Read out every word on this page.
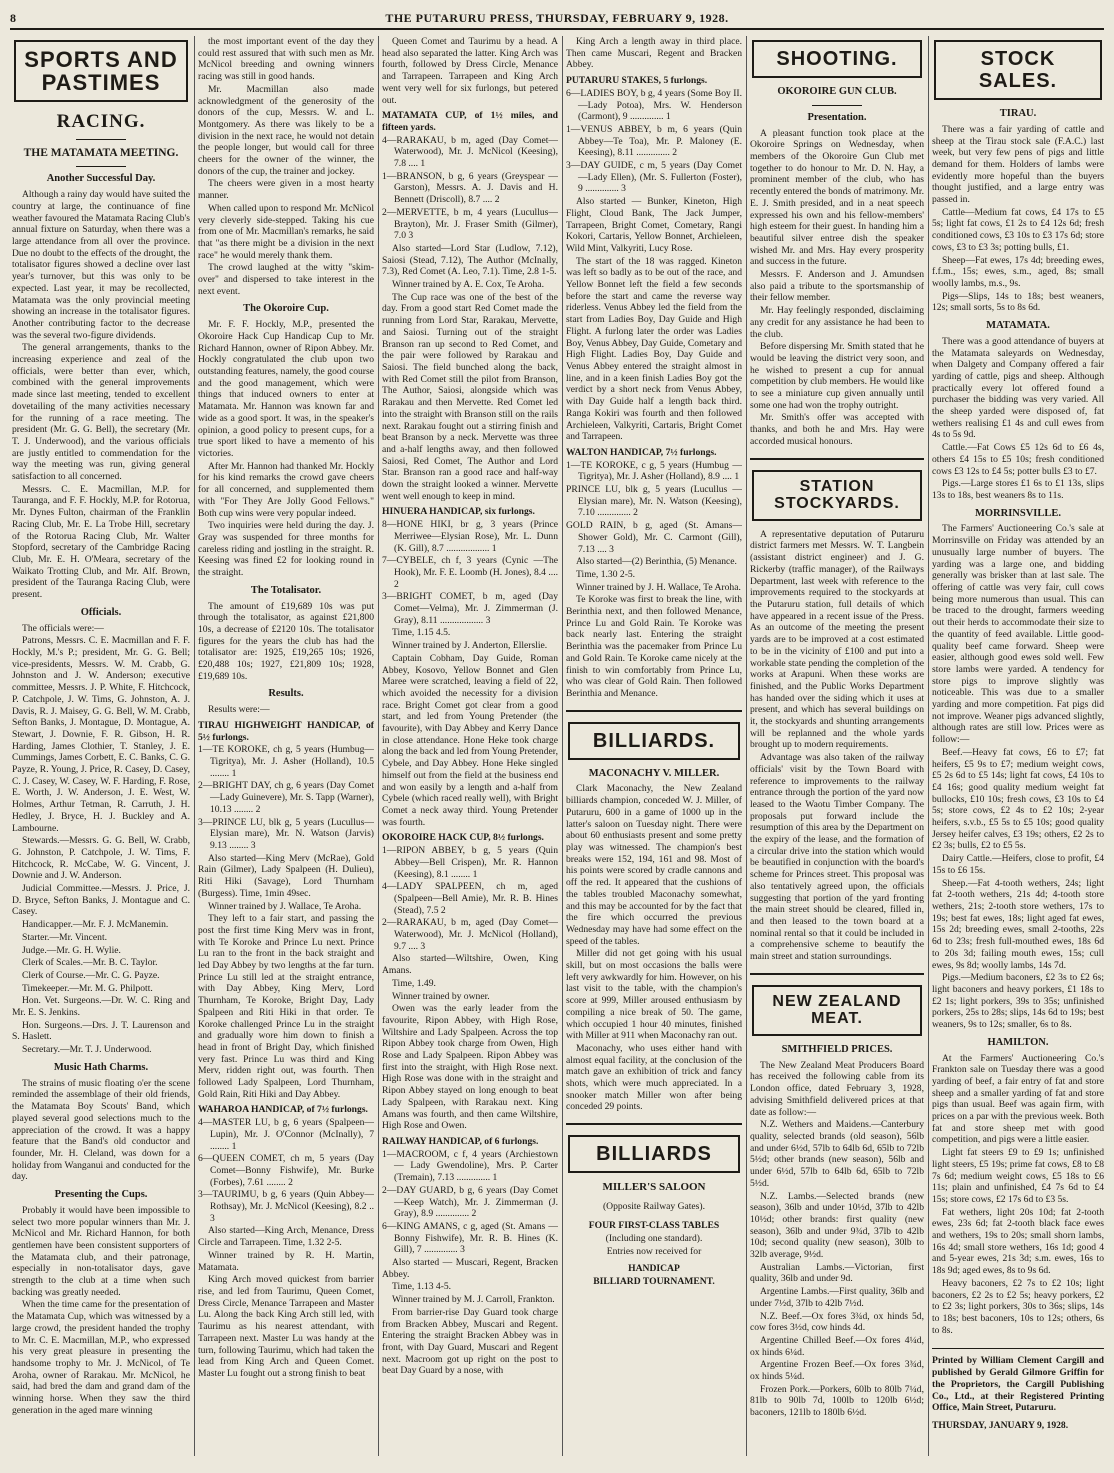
8	THE PUTARURU PRESS, THURSDAY, FEBRUARY 9, 1928.
SPORTS AND PASTIMES
RACING.
THE MATAMATA MEETING.
Another Successful Day.

Although a rainy day would have suited the country at large, the continuance of fine weather favoured the Matamata Racing Club's annual fixture on Saturday, when there was a large attendance from all over the province. Due no doubt to the effects of the drought, the totalisator figures showed a decline over last year's turnover, but this was only to be expected. Last year, it may be recollected, Matamata was the only provincial meeting showing an increase in the totalisator figures. Another contributing factor to the decrease was the several two-figure dividends.

The general arrangements, thanks to the increasing experience and zeal of the officials, were better than ever, which, combined with the general improvements made since last meeting, tended to excellent dovetailing of the many activities necessary for the running of a race meeting. The president (Mr. G. G. Bell), the secretary (Mr. T. J. Underwood), and the various officials are justly entitled to commendation for the way the meeting was run, giving general satisfaction to all concerned.

Messrs. C. E. Macmillan, M.P. for Tauranga, and F. F. Hockly, M.P. for Rotorua, Mr. Dynes Fulton, chairman of the Franklin Racing Club, Mr. E. La Trobe Hill, secretary of the Rotorua Racing Club, Mr. Walter Stopford, secretary of the Cambridge Racing Club, Mr. E. H. O'Meara, secretary of the Waikato Trotting Club, and Mr. Alf. Brown, president of the Tauranga Racing Club, were present.

Officials.

The officials were:—

Patrons, Messrs. C. E. Macmillan and F. F. Hockly, M.'s P.; president, Mr. G. G. Bell; vice-presidents, Messrs. W. M. Crabb, G. Johnston and J. W. Anderson; executive committee, Messrs. J. P. White, F. Hitchcock, P. Catchpole, J. W. Tims, G. Johnston, A. J. Davis, R. J. Maisey, G. G. Bell, W. M. Crabb, Sefton Banks, J. Montague, D. Montague, A. Stewart, J. Downie, F. R. Gibson, H. R. Harding, James Clothier, T. Stanley, J. E. Cummings, James Corbett, E. C. Banks, C. G. Payze, R. Young, J. Price, R. Casey, D. Casey, C. J. Casey, W. Casey, W. F. Harding, F. Rose, E. Worth, J. W. Anderson, J. E. West, W. Holmes, Arthur Tetman, R. Carruth, J. H. Hedley, J. Bryce, H. J. Buckley and A. Lambourne.

Stewards.—Messrs. G. G. Bell, W. Crabb, G. Johnston, P. Catchpole, J. W. Tims, F. Hitchcock, R. McCabe, W. G. Vincent, J. Downie and J. W. Anderson.

Judicial Committee.—Messrs. J. Price, J. D. Bryce, Sefton Banks, J. Montague and C. Casey.

Handicapper.—Mr. F. J. McManemin.

Starter.—Mr. Vincent.

Judge.—Mr. G. H. Wylie.

Clerk of Scales.—Mr. B. C. Taylor.

Clerk of Course.—Mr. C. G. Payze.

Timekeeper.—Mr. M. G. Philpott.

Hon. Vet. Surgeons.—Dr. W. C. Ring and Mr. E. S. Jenkins.

Hon. Surgeons.—Drs. J. T. Laurenson and S. Haslett.

Secretary.—Mr. T. J. Underwood.

Music Hath Charms.

The strains of music floating o'er the scene reminded the assemblage of their old friends, the Matamata Boy Scouts' Band, which played several good selections much to the appreciation of the crowd. It was a happy feature that the Band's old conductor and founder, Mr. H. Cleland, was down for a holiday from Wanganui and conducted for the day.

Presenting the Cups.

Probably it would have been impossible to select two more popular winners than Mr. J. McNicol and Mr. Richard Hannon, for both gentlemen have been consistent supporters of the Matamata club, and their patronage, especially in non-totalisator days, gave strength to the club at a time when such backing was greatly needed.

When the time came for the presentation of the Matamata Cup, which was witnessed by a large crowd, the president handed the trophy to Mr. C. E. Macmillan, M.P., who expressed his very great pleasure in presenting the handsome trophy to Mr. J. McNicol, of Te Aroha, owner of Rarakau. Mr. McNicol, he said, had bred the dam and grand dam of the winning horse. When they saw the third generation in the aged mare winning

the most important event of the day they could rest assured that with such men as Mr. McNicol breeding and owning winners racing was still in good hands.

Mr. Macmillan also made acknowledgment of the generosity of the donors of the cup, Messrs. W. and L. Montgomery. As there was likely to be a division in the next race, he would not detain the people longer, but would call for three cheers for the owner of the winner, the donors of the cup, the trainer and jockey.

The cheers were given in a most hearty manner.

When called upon to respond Mr. McNicol very cleverly side-stepped. Taking his cue from one of Mr. Macmillan's remarks, he said that "as there might be a division in the next race" he would merely thank them.

The crowd laughed at the witty "skim-over" and dispersed to take interest in the next event.

The Okoroire Cup.

Mr. F. F. Hockly, M.P., presented the Okoroire Hack Cup Handicap Cup to Mr. Richard Hannon, owner of Ripon Abbey. Mr. Hockly congratulated the club upon two outstanding features, namely, the good course and the good management, which were things that induced owners to enter at Matamata. Mr. Hannon was known far and wide as a good sport. It was, in the speaker's opinion, a good policy to present cups, for a true sport liked to have a memento of his victories.

After Mr. Hannon had thanked Mr. Hockly for his kind remarks the crowd gave cheers for all concerned, and supplemented them with "For They Are Jolly Good Fellows." Both cup wins were very popular indeed.

Two inquiries were held during the day. J. Gray was suspended for three months for careless riding and jostling in the straight. R. Keesing was fined £2 for looking round in the straight.

The Totalisator.

The amount of £19,689 10s was put through the totalisator, as against £21,800 10s, a decrease of £2120 10s. The totalisator figures for the years the club has had the totalisator are: 1925, £19,265 10s; 1926, £20,488 10s; 1927, £21,809 10s; 1928, £19,689 10s.

Results.

Results were:—

TIRAU HIGHWEIGHT HANDICAP, of 5½ furlongs.

1—TE KOROKE, ch g, 5 years (Humbug—Tigritya), Mr. J. Asher (Holland), 10.5 ........ 1

2—BRIGHT DAY, ch g, 6 years (Day Comet—Lady Guinevere), Mr. S. Tapp (Warner), 10.13 ........ 2

3—PRINCE LU, blk g, 5 years (Lucullus—Elysian mare), Mr. N. Watson (Jarvis) 9.13 ........ 3

Also started—King Merv (McRae), Gold Rain (Gilmer), Lady Spalpeen (H. Dulieu), Riti Hiki (Savage), Lord Thurnham (Burgess). Time, 1min 49sec.

Winner trained by J. Wallace, Te Aroha.

They left to a fair start, and passing the post the first time King Merv was in front, with Te Koroke and Prince Lu next. Prince Lu ran to the front in the back straight and led Day Abbey by two lengths at the far turn. Prince Lu still led at the straight entrance, with Day Abbey, King Merv, Lord Thurnham, Te Koroke, Bright Day, Lady Spalpeen and Riti Hiki in that order. Te Koroke challenged Prince Lu in the straight and gradually wore him down to finish a head in front of Bright Day, which finished very fast. Prince Lu was third and King Merv, ridden right out, was fourth. Then followed Lady Spalpeen, Lord Thurnham, Gold Rain, Riti Hiki and Day Abbey.

WAHAROA HANDICAP, of 7½ furlongs.

4—MASTER LU, b g, 6 years (Spalpeen—Lupin), Mr. J. O'Connor (McInally), 7 ........ 1

6—QUEEN COMET, ch m, 5 years (Day Comet—Bonny Fishwife), Mr. Burke (Forbes), 7.61 ........ 2

3—TAURIMU, b g, 6 years (Quin Abbey—Rothsay), Mr. J. McNicol (Keesing), 8.2 .. 3

Also started—King Arch, Menance, Dress Circle and Tarrapeen. Time, 1.32 2-5.

Winner trained by R. H. Martin, Matamata.

King Arch moved quickest from barrier rise, and led from Taurimu, Queen Comet, Dress Circle, Menance Tarrapeen and Master Lu. Along the back King Arch still led, with Taurimu as his nearest attendant, with Tarrapeen next. Master Lu was handy at the turn, following Taurimu, which had taken the lead from King Arch and Queen Comet. Master Lu fought out a strong finish to beat

Queen Comet and Taurimu by a head. A head also separated the latter. King Arch was fourth, followed by Dress Circle, Menance and Tarrapeen. Tarrapeen and King Arch went very well for six furlongs, but petered out.

MATAMATA CUP, of 1½ miles, and fifteen yards.

4—RARAKAU, b m, aged (Day Comet—Waterwood), Mr. J. McNicol (Keesing), 7.8 .... 1

1—BRANSON, b g, 6 years (Greyspear — Garston), Messrs. A. J. Davis and H. Bennett (Driscoll), 8.7 .... 2

2—MERVETTE, b m, 4 years (Lucullus—Brayton), Mr. J. Fraser Smith (Gilmer), 7.0 3

Also started—Lord Star (Ludlow, 7.12), Saiosi (Stead, 7.12), The Author (McInally, 7.3), Red Comet (A. Leo, 7.1). Time, 2.8 1-5.

Winner trained by A. E. Cox, Te Aroha.

The Cup race was one of the best of the day. From a good start Red Comet made the running from Lord Star, Rarakau, Mervette, and Saiosi. Turning out of the straight Branson ran up second to Red Comet, and the pair were followed by Rarakau and Saiosi. The field bunched along the back, with Red Comet still the pilot from Branson, The Author, Saiosi, alongside which was Rarakau and then Mervette. Red Comet led into the straight with Branson still on the rails next. Rarakau fought out a stirring finish and beat Branson by a neck. Mervette was three and a-half lengths away, and then followed Saiosi, Red Comet, The Author and Lord Star. Branson ran a good race and half-way down the straight looked a winner. Mervette went well enough to keep in mind.

HINUERA HANDICAP, six furlongs.

8—HONE HIKI, br g, 3 years (Prince Merriwee—Elysian Rose), Mr. L. Dunn (K. Gill), 8.7 .................. 1

7—CYBELE, ch f, 3 years (Cynic —The Hook), Mr. F. E. Loomb (H. Jones), 8.4 .... 2

3—BRIGHT COMET, b m, aged (Day Comet—Velma), Mr. J. Zimmerman (J. Gray), 8.11 .................. 3

Time, 1.15 4.5.

Winner trained by J. Anderton, Ellerslie.

Captain Cobham, Day Guide, Roman Abbey, Kosovo, Yellow Bonnet and Glen Maree were scratched, leaving a field of 22, which avoided the necessity for a division race. Bright Comet got clear from a good start, and led from Young Pretender (the favourite), with Day Abbey and Kerry Dance in close attendance. Hone Heke took charge along the back and led from Young Pretender, Cybele, and Day Abbey. Hone Heke singled himself out from the field at the business end and won easily by a length and a-half from Cybele (which raced really well), with Bright Comet a neck away third. Young Pretender was fourth.

OKOROIRE HACK CUP, 8½ furlongs.

1—RIPON ABBEY, b g, 5 years (Quin Abbey—Bell Crispen), Mr. R. Hannon (Keesing), 8.1 ........ 1

4—LADY SPALPEEN, ch m, aged (Spalpeen—Bell Amie), Mr. R. B. Hines (Stead), 7.5 2

2—RARAKAU, b m, aged (Day Comet—Waterwood), Mr. J. McNicol (Holland), 9.7 .... 3

Also started—Wiltshire, Owen, King Amans.

Time, 1.49.

Winner trained by owner.

Owen was the early leader from the favourite, Ripon Abbey, with High Rose, Wiltshire and Lady Spalpeen. Across the top Ripon Abbey took charge from Owen, High Rose and Lady Spalpeen. Ripon Abbey was first into the straight, with High Rose next. High Rose was done with in the straight and Ripon Abbey stayed on long enough to beat Lady Spalpeen, with Rarakau next. King Amans was fourth, and then came Wiltshire, High Rose and Owen.

RAILWAY HANDICAP, of 6 furlongs.

1—MACROOM, c f, 4 years (Archiestown — Lady Gwendoline), Mrs. P. Carter (Tremain), 7.13 .............. 1

2—DAY GUARD, b g, 6 years (Day Comet—Keep Watch), Mr. J. Zimmerman (J. Gray), 8.9 .............. 2

6—KING AMANS, c g, aged (St. Amans — Bonny Fishwife), Mr. R. B. Hines (K. Gill), 7 .............. 3

Also started — Muscari, Regent, Bracken Abbey.

Time, 1.13 4-5.

Winner trained by M. J. Carroll, Frankton.

From barrier-rise Day Guard took charge from Bracken Abbey, Muscari and Regent. Entering the straight Bracken Abbey was in front, with Day Guard, Muscari and Regent next. Macroom got up right on the post to beat Day Guard by a nose, with

King Arch a length away in third place. Then came Muscari, Regent and Bracken Abbey.

PUTARURU STAKES, 5 furlongs.

6—LADIES BOY, b g, 4 years (Some Boy II.—Lady Potoa), Mrs. W. Henderson (Carmont), 9 .............. 1

1—VENUS ABBEY, b m, 6 years (Quin Abbey—Te Toa), Mr. P. Maloney (E. Keesing), 8.11 .............. 2

3—DAY GUIDE, c m, 5 years (Day Comet—Lady Ellen), (Mr. S. Fullerton (Foster), 9 .............. 3

Also started — Bunker, Kineton, High Flight, Cloud Bank, The Jack Jumper, Tarrapeen, Bright Comet, Cometary, Rangi Kokori, Cartaris, Yellow Bonnet, Archieleen, Wild Mint, Valkyriti, Lucy Rose.

The start of the 18 was ragged. Kineton was left so badly as to be out of the race, and Yellow Bonnet left the field a few seconds before the start and came the reverse way riderless. Venus Abbey led the field from the start from Ladies Boy, Day Guide and High Flight. A furlong later the order was Ladies Boy, Venus Abbey, Day Guide, Cometary and High Flight. Ladies Boy, Day Guide and Venus Abbey entered the straight almost in line, and in a keen finish Ladies Boy got the verdict by a short neck from Venus Abbey, with Day Guide half a length back third. Ranga Kokiri was fourth and then followed Archieleen, Valkyriti, Cartaris, Bright Comet and Tarrapeen.

WALTON HANDICAP, 7½ furlongs.

1—TE KOROKE, c g, 5 years (Humbug — Tigrityа), Mr. J. Asher (Holland), 8.9 .... 1

PRINCE LU, blk g, 5 years (Lucullus — Elysian mare), Mr. N. Watson (Keesing), 7.10 .............. 2

GOLD RAIN, b g, aged (St. Amans—Shower Gold), Mr. C. Carmont (Gill), 7.13 .... 3

Also started—(2) Berinthia, (5) Menance.

Time, 1.30 2-5.

Winner trained by J. H. Wallace, Te Aroha.

Te Koroke was first to break the line, with Berinthia next, and then followed Menance, Prince Lu and Gold Rain. Te Koroke was back nearly last. Entering the straight Berinthia was the pacemaker from Prince Lu and Gold Rain. Te Koroke came nicely at the finish to win comfortably from Prince Lu, who was clear of Gold Rain. Then followed Berinthia and Menance.

BILLIARDS.
MACONACHY V. MILLER.

Clark Maconachy, the New Zealand billiards champion, conceded W. J. Miller, of Putaruru, 600 in a game of 1000 up in the latter's saloon on Tuesday night. There were about 60 enthusiasts present and some pretty play was witnessed. The champion's best breaks were 152, 194, 161 and 98. Most of his points were scored by cradle cannons and off the red. It appeared that the cushions of the tables troubled Maconachy somewhat, and this may be accounted for by the fact that the fire which occurred the previous Wednesday may have had some effect on the speed of the tables.

Miller did not get going with his usual skill, but on most occasions the balls were left very awkwardly for him. However, on his last visit to the table, with the champion's score at 999, Miller aroused enthusiasm by compiling a nice break of 50. The game, which occupied 1 hour 40 minutes, finished with Miller at 911 when Maconachy ran out.

Maconachy, who uses either hand with almost equal facility, at the conclusion of the match gave an exhibition of trick and fancy shots, which were much appreciated. In a snooker match Miller won after being conceded 29 points.

BILLIARDS
MILLER'S SALOON

(Opposite Railway Gates).

FOUR FIRST-CLASS TABLES

(Including one standard).

Entries now received for

HANDICAP

BILLIARD TOURNAMENT.

SHOOTING.
OKOROIRE GUN CLUB.
Presentation.

A pleasant function took place at the Okoroire Springs on Wednesday, when members of the Okoroire Gun Club met together to do honour to Mr. D. N. Hay, a prominent member of the club, who has recently entered the bonds of matrimony. Mr. E. J. Smith presided, and in a neat speech expressed his own and his fellow-members' high esteem for their guest. In handing him a beautiful silver entree dish the speaker wished Mr. and Mrs. Hay every prosperity and success in the future.

Messrs. F. Anderson and J. Amundsen also paid a tribute to the sportsmanship of their fellow member.

Mr. Hay feelingly responded, disclaiming any credit for any assistance he had been to the club.

Before dispersing Mr. Smith stated that he would be leaving the district very soon, and he wished to present a cup for annual competition by club members. He would like to see a miniature cup given annually until some one had won the trophy outright.

Mr. Smith's offer was accepted with thanks, and both he and Mrs. Hay were accorded musical honours.

STATION STOCKYARDS.

A representative deputation of Putaruru district farmers met Messrs. W. T. Langbein (assistant district engineer) and J. G. Rickerby (traffic manager), of the Railways Department, last week with reference to the improvements required to the stockyards at the Putaruru station, full details of which have appeared in a recent issue of the Press. As an outcome of the meeting the present yards are to be improved at a cost estimated to be in the vicinity of £100 and put into a workable state pending the completion of the works at Arapuni. When these works are finished, and the Public Works Department has handed over the siding which it uses at present, and which has several buildings on it, the stockyards and shunting arrangements will be replanned and the whole yards brought up to modern requirements.

Advantage was also taken of the railway officials' visit by the Town Board with reference to improvements to the railway entrance through the portion of the yard now leased to the Waotu Timber Company. The proposals put forward include the resumption of this area by the Department on the expiry of the lease, and the formation of a circular drive into the station which would be beautified in conjunction with the board's scheme for Princes street. This proposal was also tentatively agreed upon, the officials suggesting that portion of the yard fronting the main street should be cleared, filled in, and then leased to the town board at a nominal rental so that it could be included in a comprehensive scheme to beautify the main street and station surroundings.

NEW ZEALAND MEAT.
SMITHFIELD PRICES.

The New Zealand Meat Producers Board has received the following cable from its London office, dated February 3, 1928, advising Smithfield delivered prices at that date as follow:—

N.Z. Wethers and Maidens.—Canterbury quality, selected brands (old season), 56lb and under 6½d, 57lb to 64lb 6d, 65lb to 72lb 5½d; other brands (new season), 56lb and under 6½d, 57lb to 64lb 6d, 65lb to 72lb 5½d.

N.Z. Lambs.—Selected brands (new season), 36lb and under 10½d, 37lb to 42lb 10½d; other brands: first quality (new season), 36lb and under 9¾d, 37lb to 42lb 10d; second quality (new season), 30lb to 32lb average, 9½d.

Australian Lambs.—Victorian, first quality, 36lb and under 9d.

Argentine Lambs.—First quality, 36lb and under 7½d, 37lb to 42lb 7½d.

N.Z. Beef.—Ox fores 3¾d, ox hinds 5d, cow fores 3½d, cow hinds 4d.

Argentine Chilled Beef.—Ox fores 4¼d, ox hinds 6¼d.

Argentine Frozen Beef.—Ox fores 3¾d, ox hinds 5¼d.

Frozen Pork.—Porkers, 60lb to 80lb 7¼d, 81lb to 90lb 7d, 100lb to 120lb 6½d; baconers, 121lb to 180lb 6½d.

STOCK SALES.
TIRAU.

There was a fair yarding of cattle and sheep at the Tirau stock sale (F.A.C.) last week, but very few pens of pigs and little demand for them. Holders of lambs were evidently more hopeful than the buyers thought justified, and a large entry was passed in.

Cattle—Medium fat cows, £4 17s to £5 5s; light fat cows, £1 2s to £4 12s 6d; fresh conditioned cows, £3 10s to £3 17s 6d; store cows, £3 to £3 3s; potting bulls, £1.

Sheep—Fat ewes, 17s 4d; breeding ewes, f.f.m., 15s; ewes, s.m., aged, 8s; small woolly lambs, m.s., 9s.

Pigs—Slips, 14s to 18s; best weaners, 12s; small sorts, 5s to 8s 6d.

MATAMATA.

There was a good attendance of buyers at the Matamata saleyards on Wednesday, when Dalgety and Company offered a fair yarding of cattle, pigs and sheep. Although practically every lot offered found a purchaser the bidding was very varied. All the sheep yarded were disposed of, fat wethers realising £1 4s and cull ewes from 4s to 5s 9d.

Cattle.—Fat Cows £5 12s 6d to £6 4s, others £4 15s to £5 10s; fresh conditioned cows £3 12s to £4 5s; potter bulls £3 to £7.

Pigs.—Large stores £1 6s to £1 13s, slips 13s to 18s, best weaners 8s to 11s.

MORRINSVILLE.

The Farmers' Auctioneering Co.'s sale at Morrinsville on Friday was attended by an unusually large number of buyers. The yarding was a large one, and bidding generally was brisker than at last sale. The offering of cattle was very fair, cull cows being more numerous than usual. This can be traced to the drought, farmers weeding out their herds to accommodate their size to the quantity of feed available. Little good-quality beef came forward. Sheep were easier, although good ewes sold well. Few store lambs were yarded. A tendency for store pigs to improve slightly was noticeable. This was due to a smaller yarding and more competition. Fat pigs did not improve. Weaner pigs advanced slightly, although rates are still low. Prices were as follow:—

Beef.—Heavy fat cows, £6 to £7; fat heifers, £5 9s to £7; medium weight cows, £5 2s 6d to £5 14s; light fat cows, £4 10s to £4 16s; good quality medium weight fat bullocks, £10 10s; fresh cows, £3 10s to £4 5s; store cows, £2 4s to £2 10s; 2-year heifers, s.v.b., £5 5s to £5 10s; good quality Jersey heifer calves, £3 19s; others, £2 2s to £2 3s; bulls, £2 to £5 5s.

Dairy Cattle.—Heifers, close to profit, £4 15s to £6 15s.

Sheep.—Fat 4-tooth wethers, 24s; light fat 2-tooth wethers, 21s 4d; 4-tooth store wethers, 21s; 2-tooth store wethers, 17s to 19s; best fat ewes, 18s; light aged fat ewes, 15s 2d; breeding ewes, small 2-tooths, 22s 6d to 23s; fresh full-mouthed ewes, 18s 6d to 20s 3d; failing mouth ewes, 15s; cull ewes, 9s 8d; woolly lambs, 14s 7d.

Pigs.—Medium baconers, £2 3s to £2 6s; light baconers and heavy porkers, £1 18s to £2 1s; light porkers, 39s to 35s; unfinished porkers, 25s to 28s; slips, 14s 6d to 19s; best weaners, 9s to 12s; smaller, 6s to 8s.

HAMILTON.

At the Farmers' Auctioneering Co.'s Frankton sale on Tuesday there was a good yarding of beef, a fair entry of fat and store sheep and a smaller yarding of fat and store pigs than usual. Beef was again firm, with prices on a par with the previous week. Both fat and store sheep met with good competition, and pigs were a little easier.

Light fat steers £9 to £9 1s; unfinished light steers, £5 19s; prime fat cows, £8 to £8 7s 6d; medium weight cows, £5 18s to £6 11s; plain and unfinished, £4 7s 6d to £4 15s; store cows, £2 17s 6d to £3 5s.

Fat wethers, light 20s 10d; fat 2-tooth ewes, 23s 6d; fat 2-tooth black face ewes and wethers, 19s to 20s; small shorn lambs, 16s 4d; small store wethers, 16s 1d; good 4 and 5-year ewes, 21s 3d; s.m. ewes, 16s to 18s 9d; aged ewes, 8s to 9s 6d.

Heavy baconers, £2 7s to £2 10s; light baconers, £2 2s to £2 5s; heavy porkers, £2 to £2 3s; light porkers, 30s to 36s; slips, 14s to 18s; best baconers, 10s to 12s; others, 6s to 8s.

Printed by William Clement Cargill and published by Gerald Gilmore Griffin for the Proprietors, the Cargill Publishing Co., Ltd., at their Registered Printing Office, Main Street, Putaruru.

THURSDAY, JANUARY 9, 1928.
